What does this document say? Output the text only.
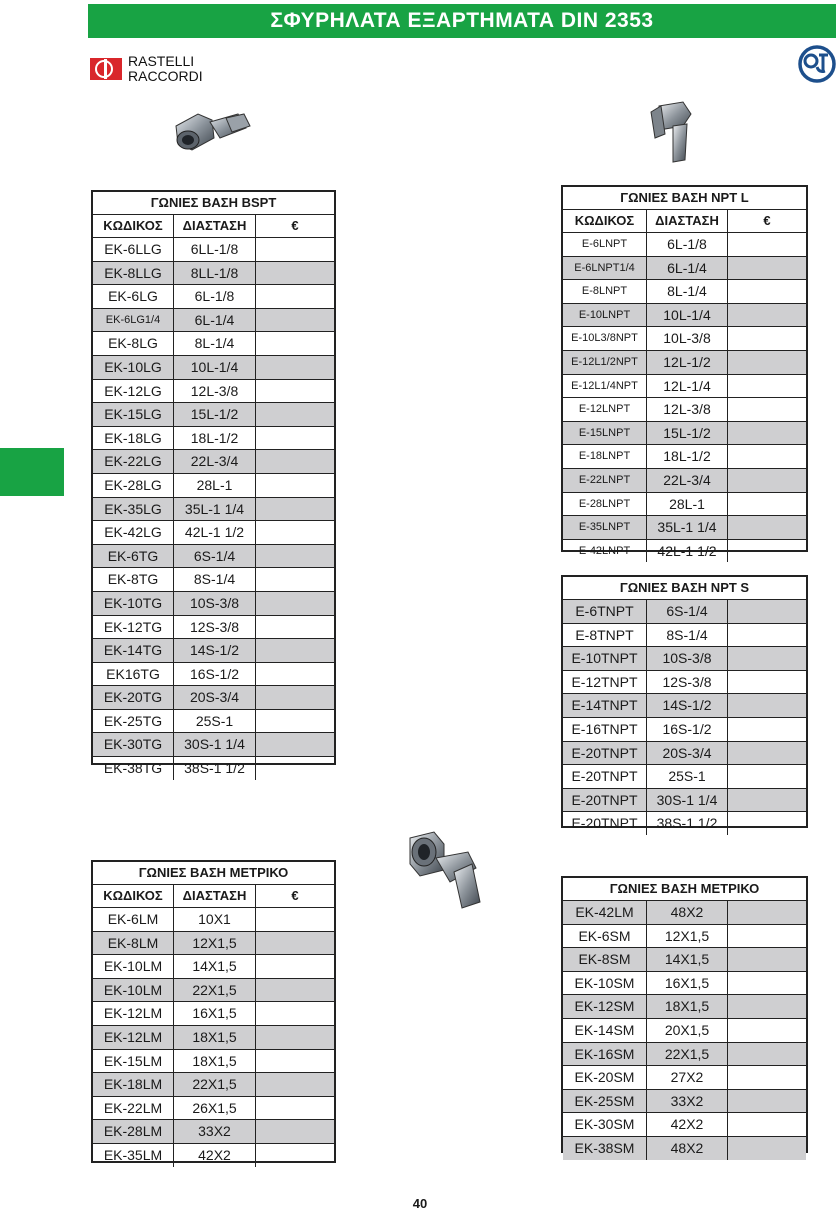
ΣΦΥΡΗΛΑΤΑ ΕΞΑΡΤΗΜΑΤΑ DIN 2353
RASTELLI
RACCORDI
ΓΩΝΙΕΣ ΒΑΣΗ BSPT
ΚΩΔΙΚΟΣ	ΔΙΑΣΤΑΣΗ	€
EK-6LLG	6LL-1/8
EK-8LLG	8LL-1/8
EK-6LG	6L-1/8
EK-6LG1/4	6L-1/4
EK-8LG	8L-1/4
EK-10LG	10L-1/4
EK-12LG	12L-3/8
EK-15LG	15L-1/2
EK-18LG	18L-1/2
EK-22LG	22L-3/4
EK-28LG	28L-1
EK-35LG	35L-1 1/4
EK-42LG	42L-1 1/2
EK-6TG	6S-1/4
EK-8TG	8S-1/4
EK-10TG	10S-3/8
EK-12TG	12S-3/8
EK-14TG	14S-1/2
EK16TG	16S-1/2
EK-20TG	20S-3/4
EK-25TG	25S-1
EK-30TG	30S-1 1/4
EK-38TG	38S-1 1/2
ΓΩΝΙΕΣ ΒΑΣΗ NPT L
ΚΩΔΙΚΟΣ	ΔΙΑΣΤΑΣΗ	€
E-6LNPT	6L-1/8
E-6LNPT1/4	6L-1/4
E-8LNPT	8L-1/4
E-10LNPT	10L-1/4
E-10L3/8NPT	10L-3/8
E-12L1/2NPT	12L-1/2
E-12L1/4NPT	12L-1/4
E-12LNPT	12L-3/8
E-15LNPT	15L-1/2
E-18LNPT	18L-1/2
E-22LNPT	22L-3/4
E-28LNPT	28L-1
E-35LNPT	35L-1 1/4
E-42LNPT	42L-1 1/2
ΓΩΝΙΕΣ ΒΑΣΗ NPT S
E-6TNPT	6S-1/4
E-8TNPT	8S-1/4
E-10TNPT	10S-3/8
E-12TNPT	12S-3/8
E-14TNPT	14S-1/2
E-16TNPT	16S-1/2
E-20TNPT	20S-3/4
E-20TNPT	25S-1
E-20TNPT	30S-1 1/4
E-20TNPT	38S-1 1/2
ΓΩΝΙΕΣ ΒΑΣΗ ΜΕΤΡΙΚΟ
ΚΩΔΙΚΟΣ	ΔΙΑΣΤΑΣΗ	€
EK-6LM	10X1
EK-8LM	12X1,5
EK-10LM	14X1,5
EK-10LM	22X1,5
EK-12LM	16X1,5
EK-12LM	18X1,5
EK-15LM	18X1,5
EK-18LM	22X1,5
EK-22LM	26X1,5
EK-28LM	33X2
EK-35LM	42X2
ΓΩΝΙΕΣ ΒΑΣΗ ΜΕΤΡΙΚΟ
EK-42LM	48X2
EK-6SM	12X1,5
EK-8SM	14X1,5
EK-10SM	16X1,5
EK-12SM	18X1,5
EK-14SM	20X1,5
EK-16SM	22X1,5
EK-20SM	27X2
EK-25SM	33X2
EK-30SM	42X2
EK-38SM	48X2
40
